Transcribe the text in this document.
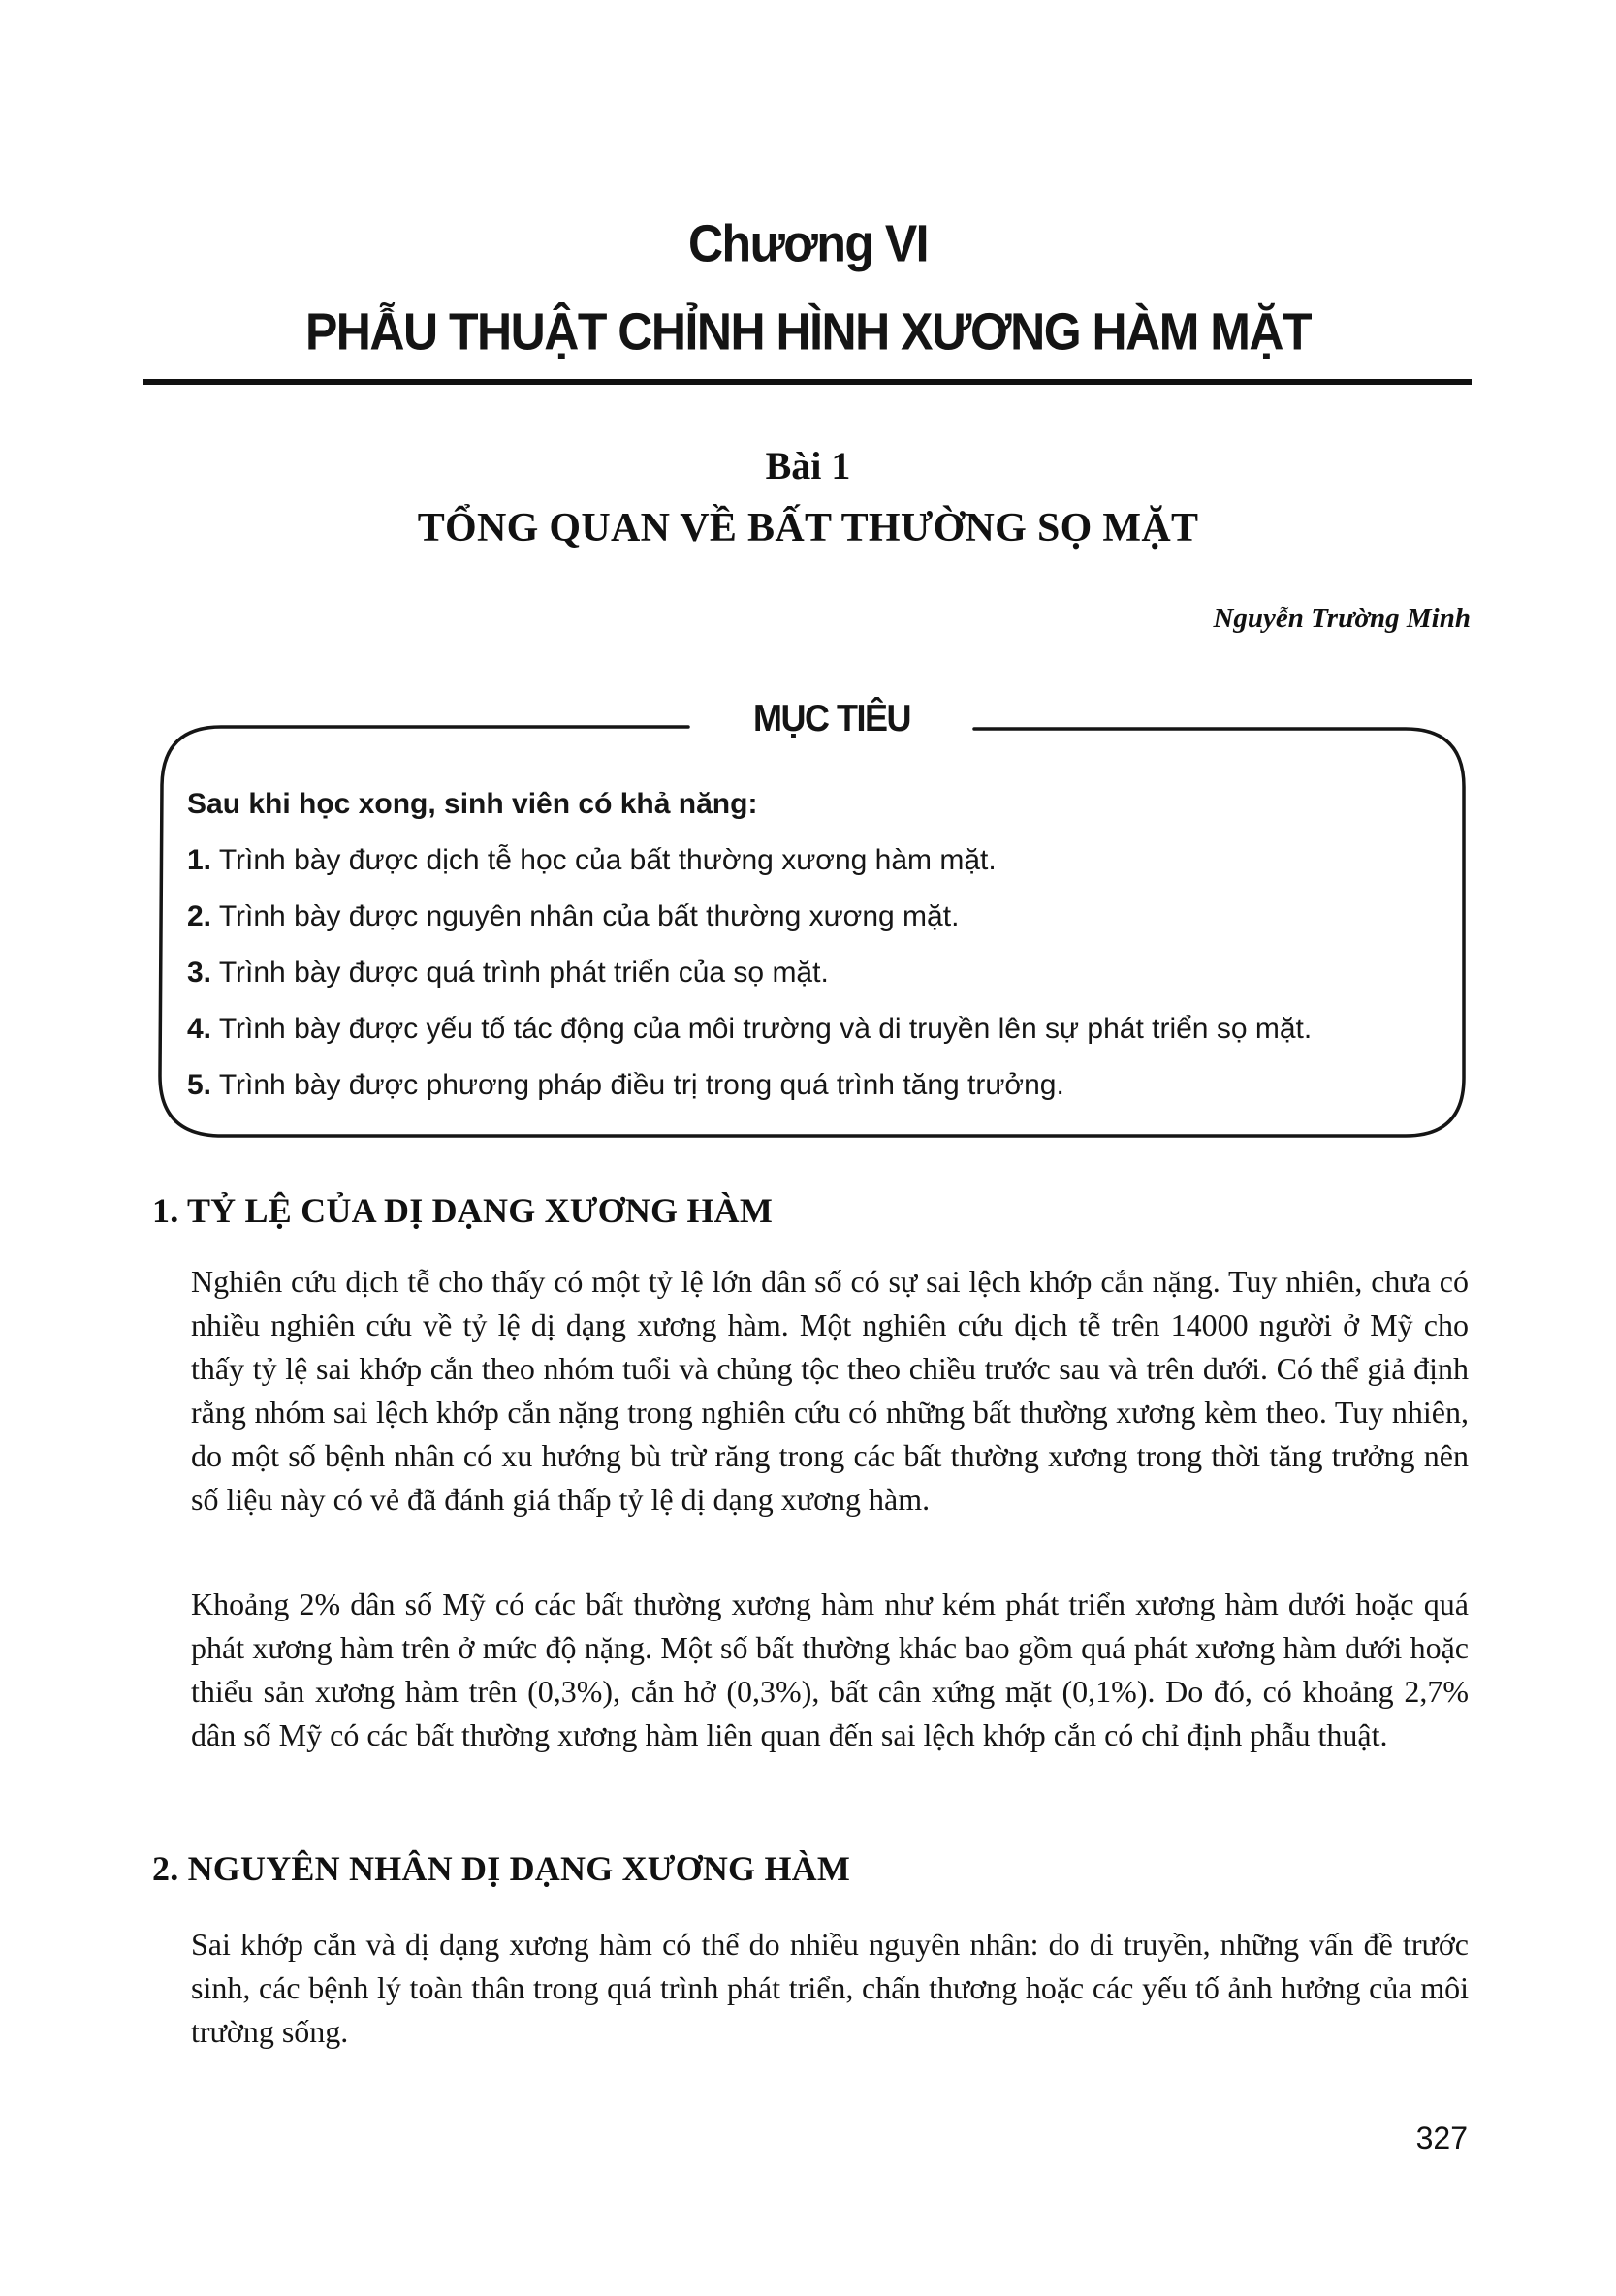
Chương VI
PHẪU THUẬT CHỈNH HÌNH XƯƠNG HÀM MẶT
Bài 1
TỔNG QUAN VỀ BẤT THƯỜNG SỌ MẶT

Nguyễn Trường Minh

MỤC TIÊU

Sau khi học xong, sinh viên có khả năng:

1. Trình bày được dịch tễ học của bất thường xương hàm mặt.
2. Trình bày được nguyên nhân của bất thường xương mặt.
3. Trình bày được quá trình phát triển của sọ mặt.
4. Trình bày được yếu tố tác động của môi trường và di truyền lên sự phát triển sọ mặt.
5. Trình bày được phương pháp điều trị trong quá trình tăng trưởng.
1. TỶ LỆ CỦA DỊ DẠNG XƯƠNG HÀM

Nghiên cứu dịch tễ cho thấy có một tỷ lệ lớn dân số có sự sai lệch khớp cắn nặng. Tuy nhiên, chưa có nhiều nghiên cứu về tỷ lệ dị dạng xương hàm. Một nghiên cứu dịch tễ trên 14000 người ở Mỹ cho thấy tỷ lệ sai khớp cắn theo nhóm tuổi và chủng tộc theo chiều trước sau và trên dưới. Có thể giả định rằng nhóm sai lệch khớp cắn nặng trong nghiên cứu có những bất thường xương kèm theo. Tuy nhiên, do một số bệnh nhân có xu hướng bù trừ răng trong các bất thường xương trong thời tăng trưởng nên số liệu này có vẻ đã đánh giá thấp tỷ lệ dị dạng xương hàm.

Khoảng 2% dân số Mỹ có các bất thường xương hàm như kém phát triển xương hàm dưới hoặc quá phát xương hàm trên ở mức độ nặng. Một số bất thường khác bao gồm quá phát xương hàm dưới hoặc thiểu sản xương hàm trên (0,3%), cắn hở (0,3%), bất cân xứng mặt (0,1%). Do đó, có khoảng 2,7% dân số Mỹ có các bất thường xương hàm liên quan đến sai lệch khớp cắn có chỉ định phẫu thuật.

2. NGUYÊN NHÂN DỊ DẠNG XƯƠNG HÀM

Sai khớp cắn và dị dạng xương hàm có thể do nhiều nguyên nhân: do di truyền, những vấn đề trước sinh, các bệnh lý toàn thân trong quá trình phát triển, chấn thương hoặc các yếu tố ảnh hưởng của môi trường sống.

327
